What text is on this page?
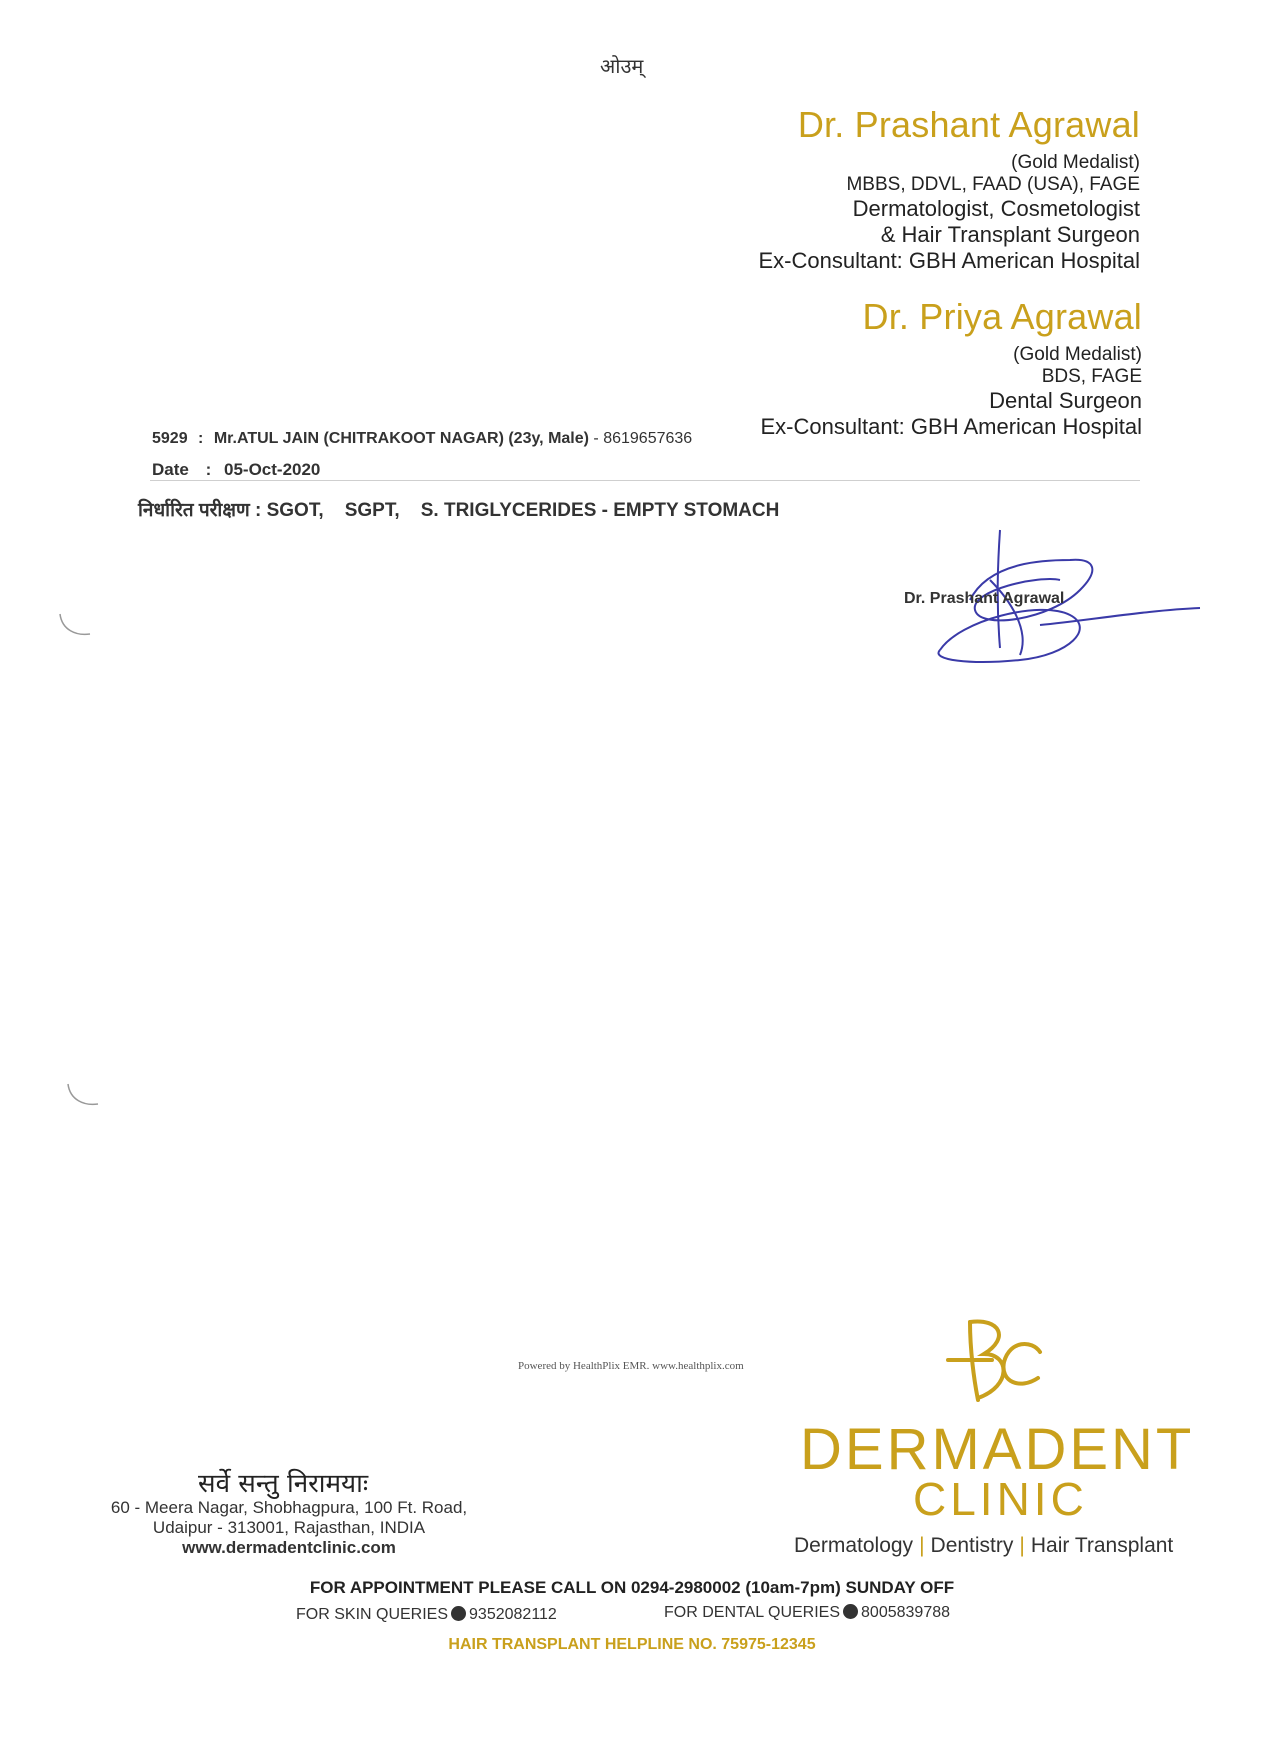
ओउम्
Dr. Prashant Agrawal
(Gold Medalist)
MBBS, DDVL, FAAD (USA), FAGE
Dermatologist, Cosmetologist
& Hair Transplant Surgeon
Ex-Consultant: GBH American Hospital
Dr. Priya Agrawal
(Gold Medalist)
BDS, FAGE
Dental Surgeon
Ex-Consultant: GBH American Hospital
5929 : Mr.ATUL JAIN (CHITRAKOOT NAGAR) (23y, Male) - 8619657636
Date : 05-Oct-2020
निर्धारित परीक्षण : SGOT,    SGPT,    S. TRIGLYCERIDES - EMPTY STOMACH
Dr. Prashant Agrawal
Powered by HealthPlix EMR. www.healthplix.com
DERMADENT
CLINIC
Dermatology | Dentistry | Hair Transplant
सर्वे सन्तु निरामयाः
60 - Meera Nagar, Shobhagpura, 100 Ft. Road,
Udaipur - 313001, Rajasthan, INDIA
www.dermadentclinic.com
FOR APPOINTMENT PLEASE CALL ON 0294-2980002 (10am-7pm) SUNDAY OFF
FOR SKIN QUERIES 9352082112	FOR DENTAL QUERIES 8005839788
HAIR TRANSPLANT HELPLINE NO. 75975-12345
